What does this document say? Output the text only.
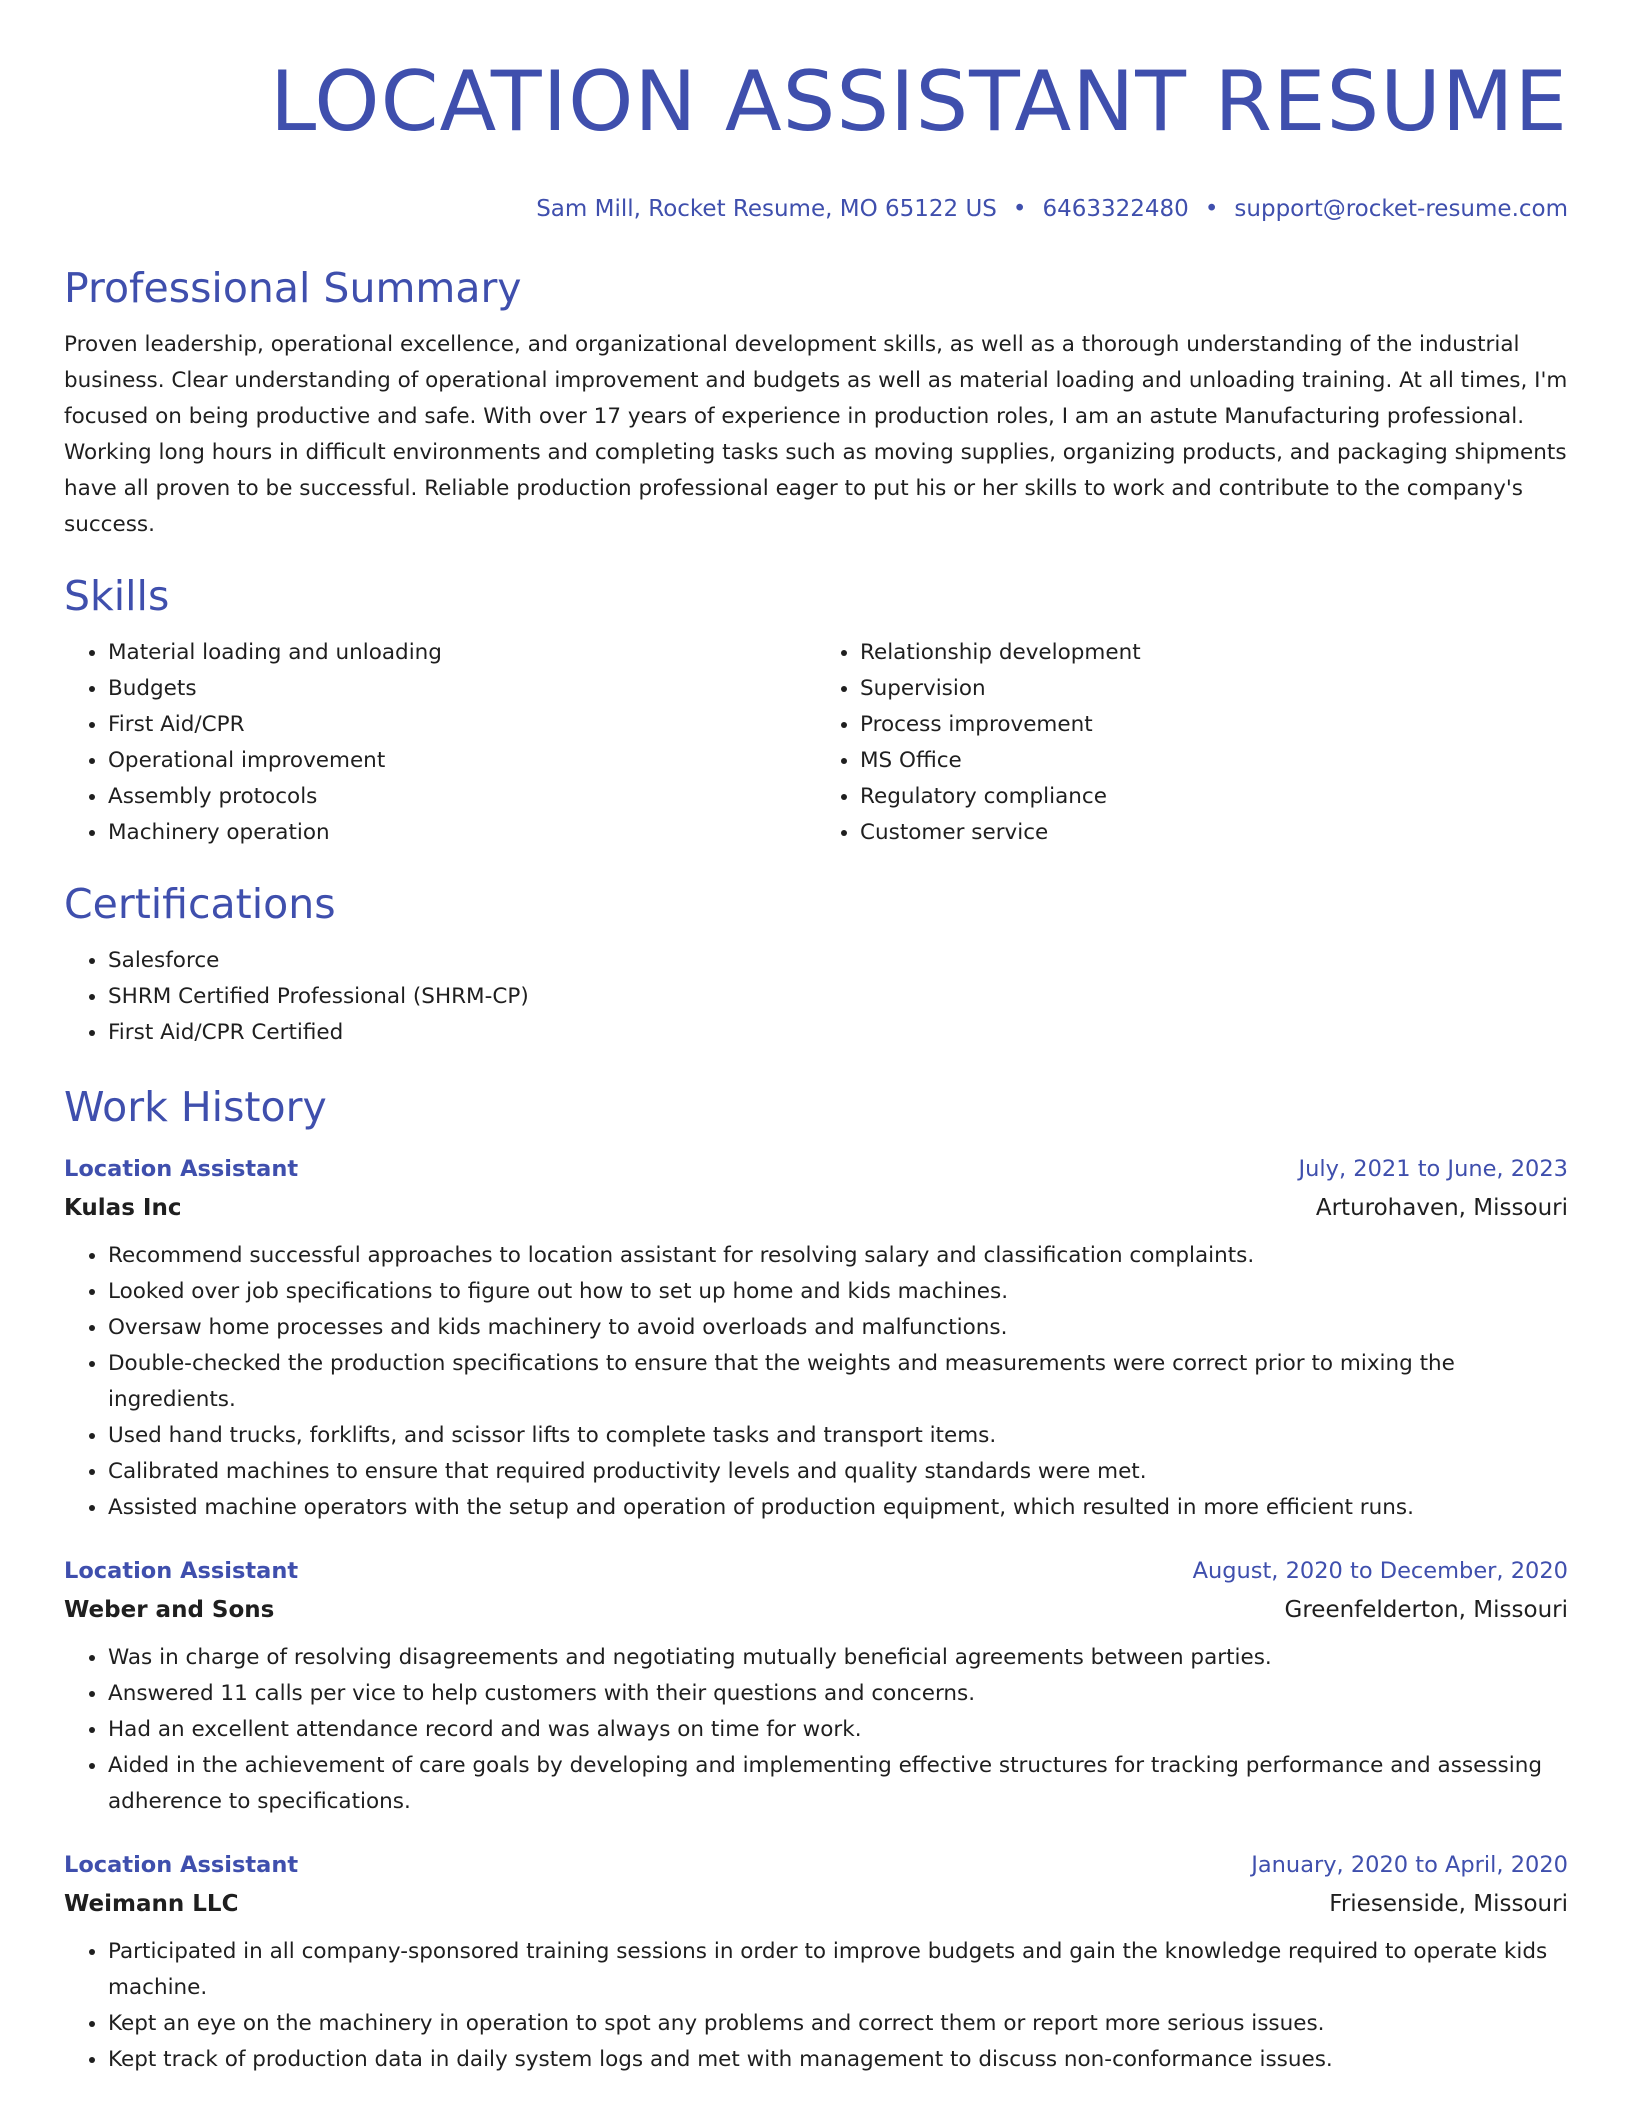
LOCATION ASSISTANT RESUME
Sam Mill, Rocket Resume, MO 65122 US • 6463322480 • support@rocket-resume.com
Professional Summary

Proven leadership, operational excellence, and organizational development skills, as well as a thorough understanding of the industrial business. Clear understanding of operational improvement and budgets as well as material loading and unloading training. At all times, I'm focused on being productive and safe. With over 17 years of experience in production roles, I am an astute Manufacturing professional. Working long hours in difficult environments and completing tasks such as moving supplies, organizing products, and packaging shipments have all proven to be successful. Reliable production professional eager to put his or her skills to work and contribute to the company's success.

Skills
• Material loading and unloading
• Budgets
• First Aid/CPR
• Operational improvement
• Assembly protocols
• Machinery operation
• Relationship development
• Supervision
• Process improvement
• MS Office
• Regulatory compliance
• Customer service
Certifications
• Salesforce
• SHRM Certified Professional (SHRM-CP)
• First Aid/CPR Certified
Work History
Location Assistant	July, 2021 to June, 2023
Kulas Inc	Arturohaven, Missouri
• Recommend successful approaches to location assistant for resolving salary and classification complaints.
• Looked over job specifications to figure out how to set up home and kids machines.
• Oversaw home processes and kids machinery to avoid overloads and malfunctions.
• Double-checked the production specifications to ensure that the weights and measurements were correct prior to mixing the ingredients.
• Used hand trucks, forklifts, and scissor lifts to complete tasks and transport items.
• Calibrated machines to ensure that required productivity levels and quality standards were met.
• Assisted machine operators with the setup and operation of production equipment, which resulted in more efficient runs.
Location Assistant	August, 2020 to December, 2020
Weber and Sons	Greenfelderton, Missouri
• Was in charge of resolving disagreements and negotiating mutually beneficial agreements between parties.
• Answered 11 calls per vice to help customers with their questions and concerns.
• Had an excellent attendance record and was always on time for work.
• Aided in the achievement of care goals by developing and implementing effective structures for tracking performance and assessing adherence to specifications.
Location Assistant	January, 2020 to April, 2020
Weimann LLC	Friesenside, Missouri
• Participated in all company-sponsored training sessions in order to improve budgets and gain the knowledge required to operate kids machine.
• Kept an eye on the machinery in operation to spot any problems and correct them or report more serious issues.
• Kept track of production data in daily system logs and met with management to discuss non-conformance issues.
